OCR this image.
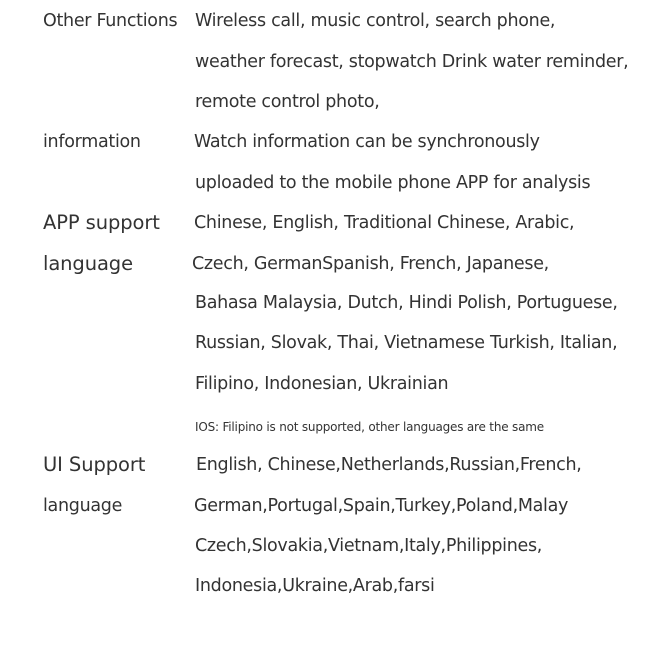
Other Functions Wireless call, music control, search phone,
weather forecast, stopwatch Drink water reminder,
remote control photo,
information	Watch information can be synchronously
uploaded to the mobile phone APP for analysis
APP support
language
Chinese, English, Traditional Chinese, Arabic,
Czech, GermanSpanish, French, Japanese,
Bahasa Malaysia, Dutch, Hindi Polish, Portuguese,
Russian, Slovak, Thai, Vietnamese Turkish, Italian,
Filipino, Indonesian, Ukrainian
IOS: Filipino is not supported, other languages are the same
UI Support
language
English, Chinese,Netherlands,Russian,French,
German,Portugal,Spain,Turkey,Poland,Malay
Czech,Slovakia,Vietnam,Italy,Philippines,
Indonesia,Ukraine,Arab,farsi
